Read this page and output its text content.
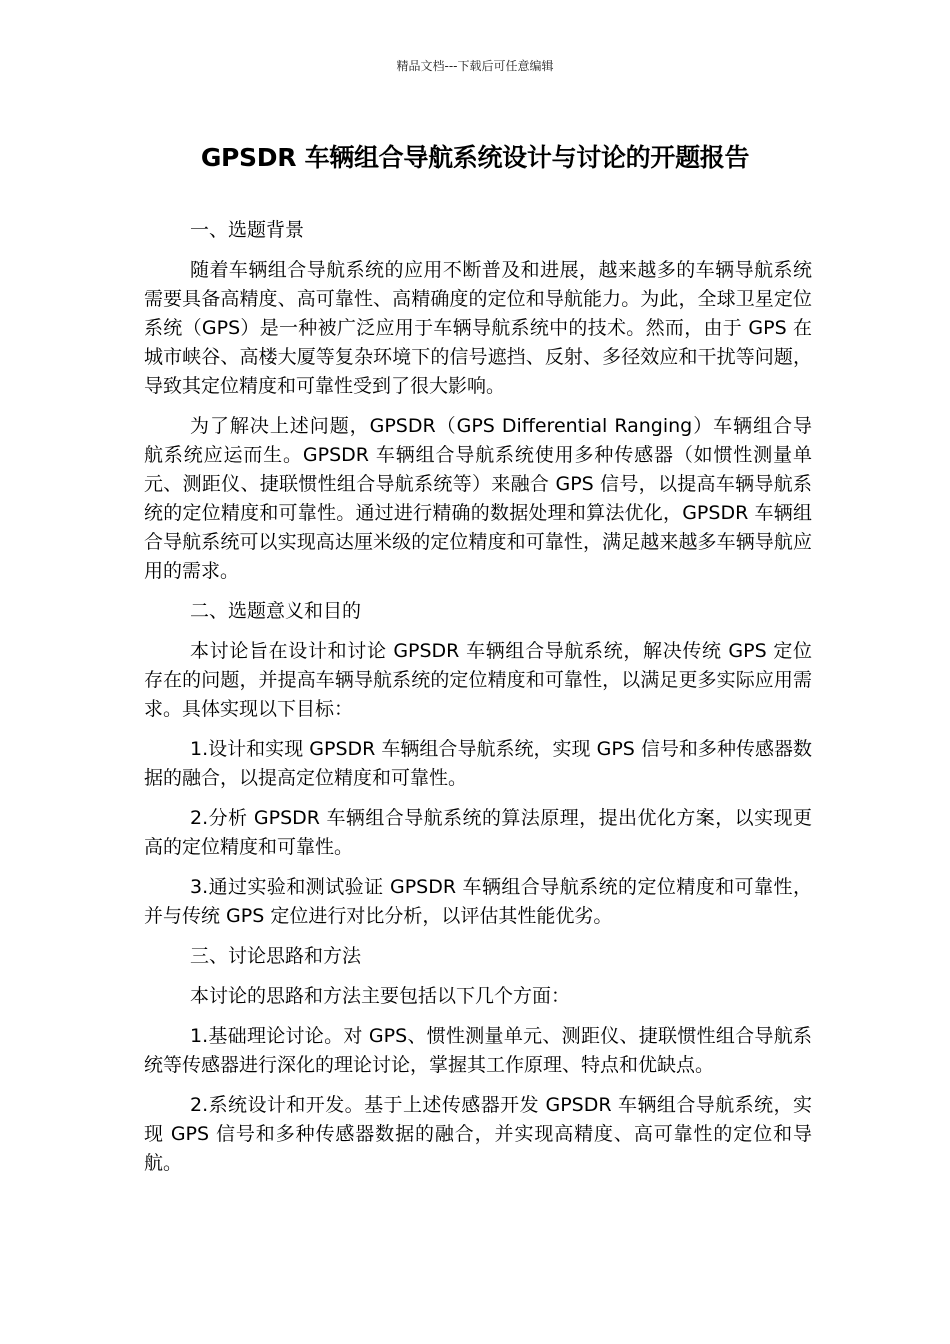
精品文档---下载后可任意编辑
GPSDR 车辆组合导航系统设计与讨论的开题报告

一、选题背景

随着车辆组合导航系统的应用不断普及和进展，越来越多的车辆导航系统需要具备高精度、高可靠性、高精确度的定位和导航能力。为此，全球卫星定位系统（GPS）是一种被广泛应用于车辆导航系统中的技术。然而，由于 GPS 在城市峡谷、高楼大厦等复杂环境下的信号遮挡、反射、多径效应和干扰等问题，导致其定位精度和可靠性受到了很大影响。

为了解决上述问题，GPSDR（GPS Differential Ranging）车辆组合导航系统应运而生。GPSDR 车辆组合导航系统使用多种传感器（如惯性测量单元、测距仪、捷联惯性组合导航系统等）来融合 GPS 信号，以提高车辆导航系统的定位精度和可靠性。通过进行精确的数据处理和算法优化，GPSDR 车辆组合导航系统可以实现高达厘米级的定位精度和可靠性，满足越来越多车辆导航应用的需求。

二、选题意义和目的

本讨论旨在设计和讨论 GPSDR 车辆组合导航系统，解决传统 GPS 定位存在的问题，并提高车辆导航系统的定位精度和可靠性，以满足更多实际应用需求。具体实现以下目标：

1.设计和实现 GPSDR 车辆组合导航系统，实现 GPS 信号和多种传感器数据的融合，以提高定位精度和可靠性。

2.分析 GPSDR 车辆组合导航系统的算法原理，提出优化方案，以实现更高的定位精度和可靠性。

3.通过实验和测试验证 GPSDR 车辆组合导航系统的定位精度和可靠性，并与传统 GPS 定位进行对比分析，以评估其性能优劣。

三、讨论思路和方法

本讨论的思路和方法主要包括以下几个方面：

1.基础理论讨论。对 GPS、惯性测量单元、测距仪、捷联惯性组合导航系统等传感器进行深化的理论讨论，掌握其工作原理、特点和优缺点。

2.系统设计和开发。基于上述传感器开发 GPSDR 车辆组合导航系统，实现 GPS 信号和多种传感器数据的融合，并实现高精度、高可靠性的定位和导航。
